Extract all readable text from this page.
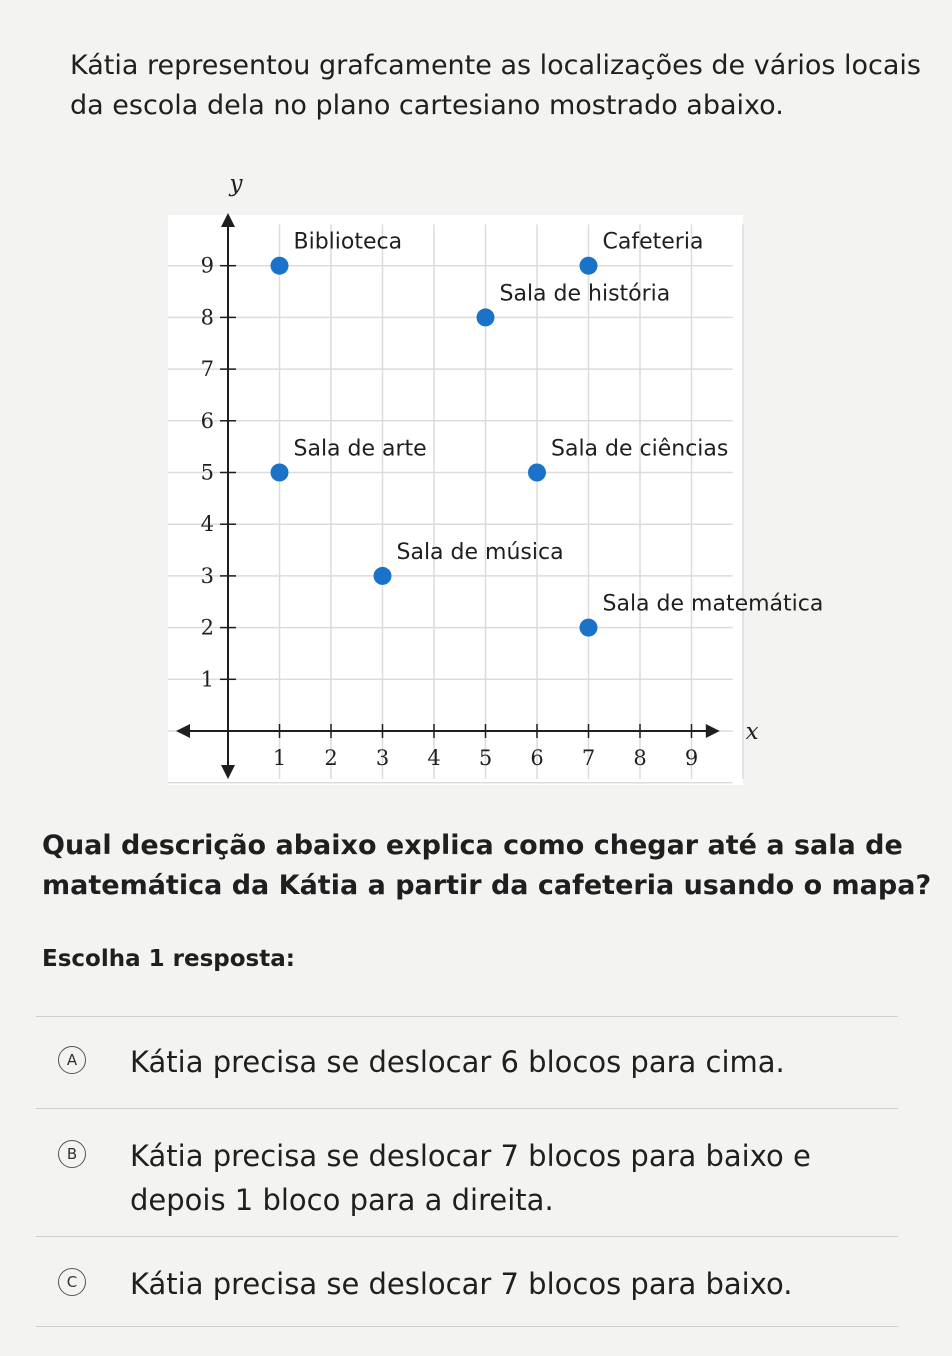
Kátia representou grafcamente as localizações de vários locais da escola dela no plano cartesiano mostrado abaixo.
1 2 3 4 5 6 7 8 9
1
2
3
4
5
6
7
8
9
x
y
Biblioteca	Cafeteria
Sala de história
Sala de arte	Sala de ciências
Sala de música
Sala de matemática
Qual descrição abaixo explica como chegar até a sala de matemática da Kátia a partir da cafeteria usando o mapa?
Escolha 1 resposta:
A	Kátia precisa se deslocar 6 blocos para cima.
B	Kátia precisa se deslocar 7 blocos para baixo e depois 1 bloco para a direita.
C	Kátia precisa se deslocar 7 blocos para baixo.
